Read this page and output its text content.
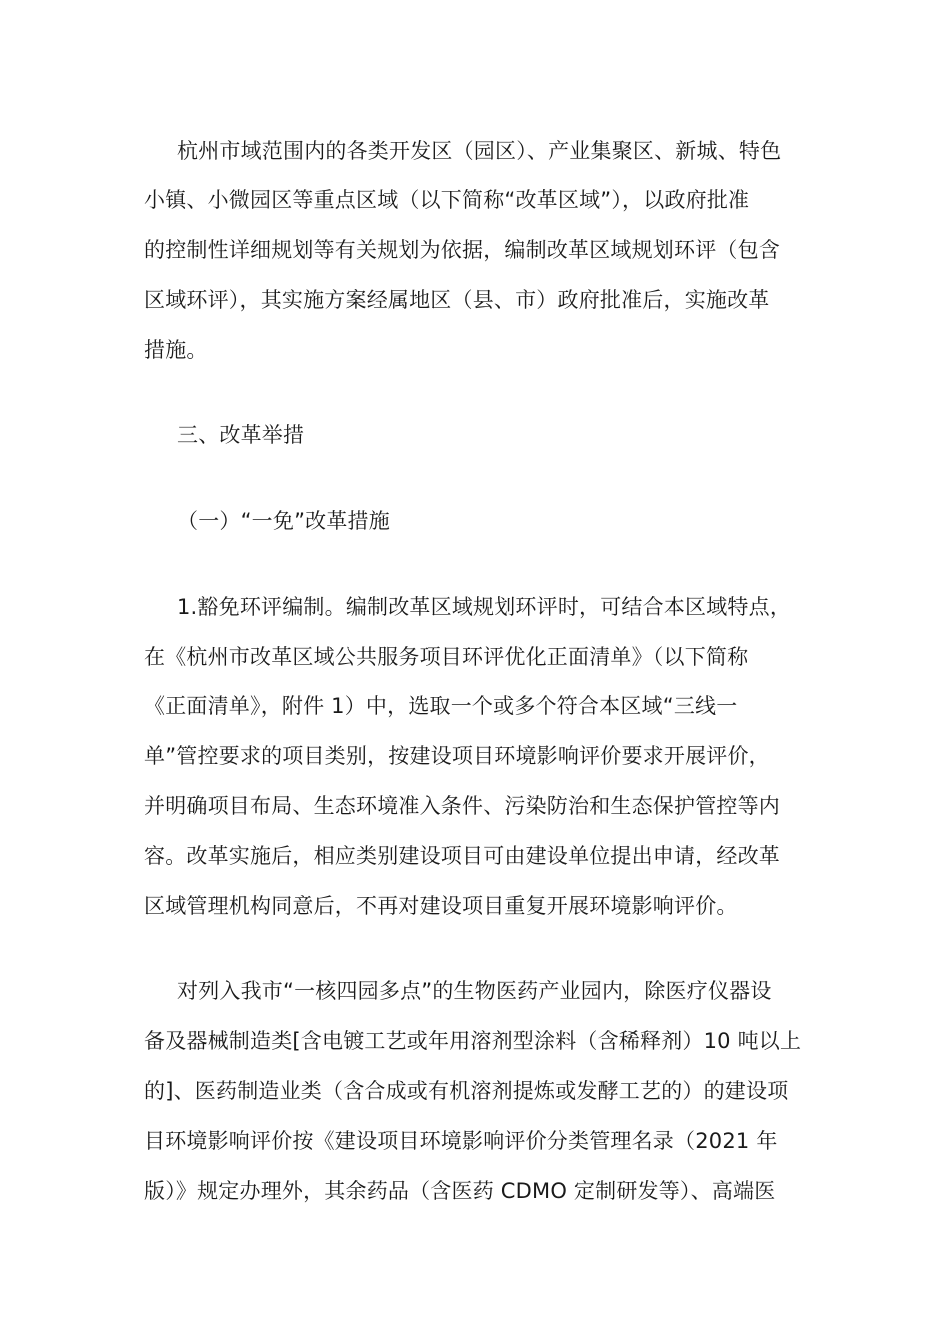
杭州市域范围内的各类开发区（园区）、产业集聚区、新城、特色
小镇、小微园区等重点区域（以下简称“改革区域”），以政府批准
的控制性详细规划等有关规划为依据，编制改革区域规划环评（包含
区域环评），其实施方案经属地区（县、市）政府批准后，实施改革
措施。
三、改革举措
（一）“一免”改革措施
1.豁免环评编制。编制改革区域规划环评时，可结合本区域特点，
在《杭州市改革区域公共服务项目环评优化正面清单》（以下简称
《正面清单》，附件 1）中，选取一个或多个符合本区域“三线一
单”管控要求的项目类别，按建设项目环境影响评价要求开展评价，
并明确项目布局、生态环境准入条件、污染防治和生态保护管控等内
容。改革实施后，相应类别建设项目可由建设单位提出申请，经改革
区域管理机构同意后，不再对建设项目重复开展环境影响评价。
对列入我市“一核四园多点”的生物医药产业园内，除医疗仪器设
备及器械制造类[含电镀工艺或年用溶剂型涂料（含稀释剂）10 吨以上
的]、医药制造业类（含合成或有机溶剂提炼或发酵工艺的）的建设项
目环境影响评价按《建设项目环境影响评价分类管理名录（2021 年
版）》规定办理外，其余药品（含医药 CDMO 定制研发等）、高端医
